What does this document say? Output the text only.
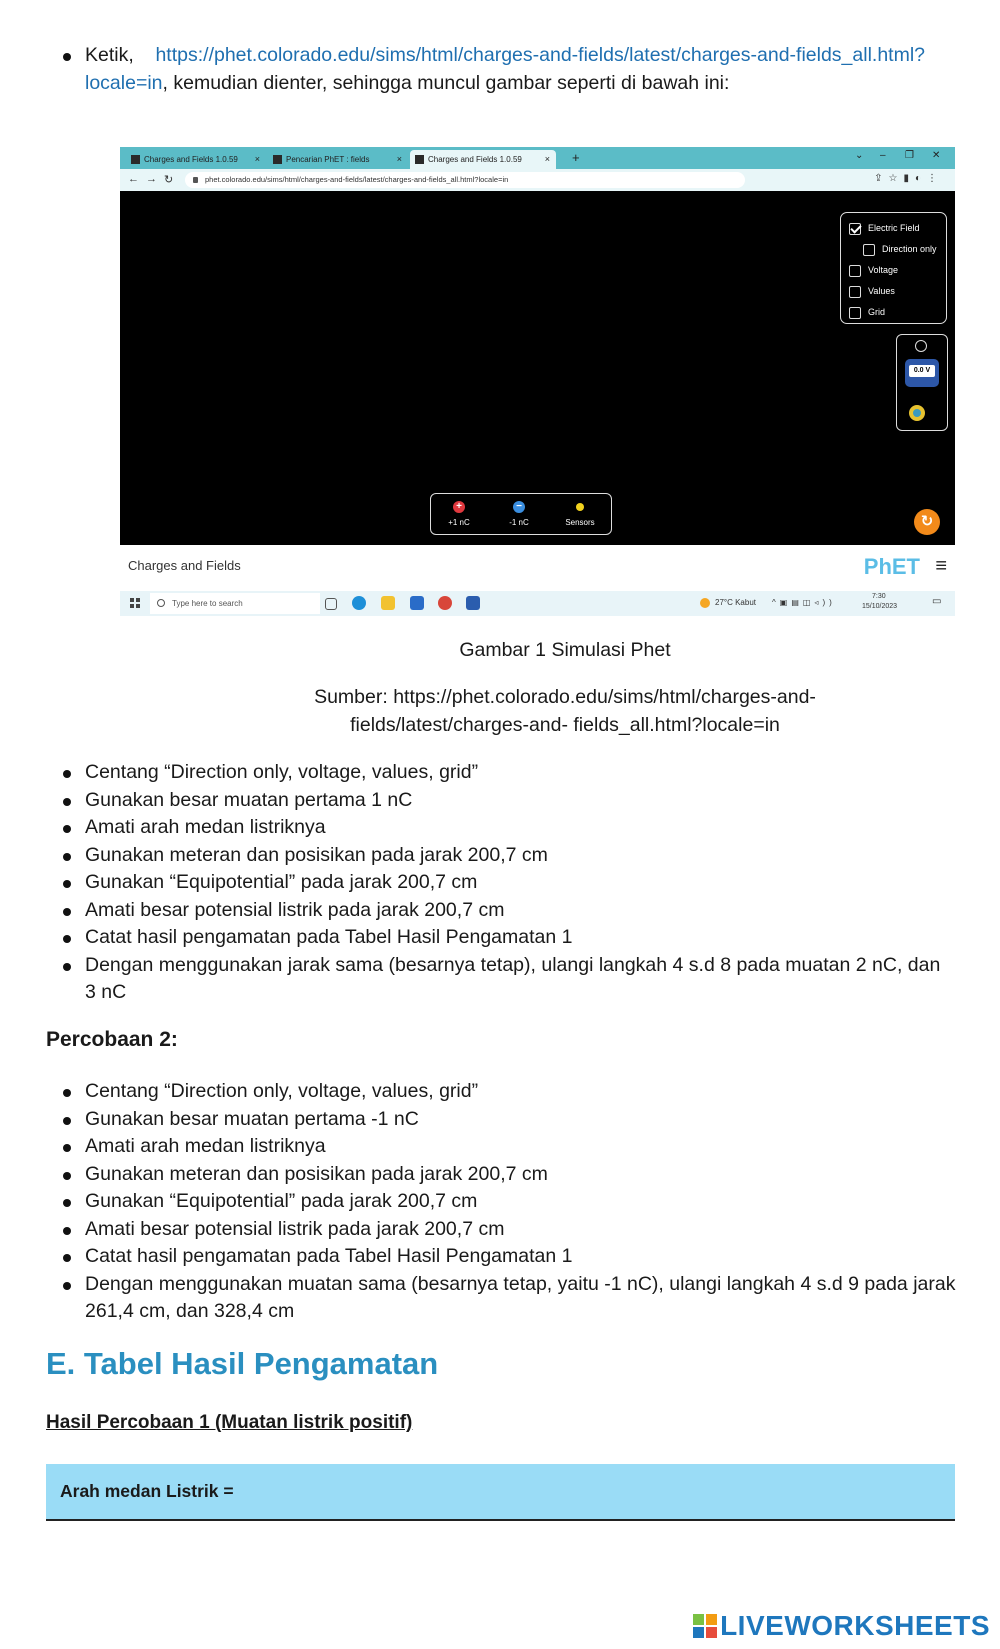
Ketik, https://phet.colorado.edu/sims/html/charges-and-fields/latest/charges-and-fields_all.html?locale=in, kemudian dienter, sehingga muncul gambar seperti di bawah ini:
Charges and Fields 1.0.59 ×	Pencarian PhET : fields	×	Charges and Fields 1.0.59	× +	⌄ – ❐ ✕
← → ↻	phet.colorado.edu/sims/html/charges-and-fields/latest/charges-and-fields_all.html?locale=in	⇪☆▮◐⋮
Electric Field
Direction only
Voltage
Values
Grid
0.0 V
+
+1 nC
−
-1 nC	Sensors	↻
Charges and Fields	PhET ≡
Type here to search	27°C Kabut ^▣▤◫◃))
7:30
15/10/2023	▭
Gambar 1 Simulasi Phet
Sumber: https://phet.colorado.edu/sims/html/charges-and-fields/latest/charges-and- fields_all.html?locale=in
Centang “Direction only, voltage, values, grid”
Gunakan besar muatan pertama 1 nC
Amati arah medan listriknya
Gunakan meteran dan posisikan pada jarak 200,7 cm
Gunakan “Equipotential” pada jarak 200,7 cm
Amati besar potensial listrik pada jarak 200,7 cm
Catat hasil pengamatan pada Tabel Hasil Pengamatan 1
Dengan menggunakan jarak sama (besarnya tetap), ulangi langkah 4 s.d 8 pada muatan 2 nC, dan 3 nC
Percobaan 2:
Centang “Direction only, voltage, values, grid”
Gunakan besar muatan pertama -1 nC
Amati arah medan listriknya
Gunakan meteran dan posisikan pada jarak 200,7 cm
Gunakan “Equipotential” pada jarak 200,7 cm
Amati besar potensial listrik pada jarak 200,7 cm
Catat hasil pengamatan pada Tabel Hasil Pengamatan 1
Dengan menggunakan muatan sama (besarnya tetap, yaitu -1 nC), ulangi langkah 4 s.d 9 pada jarak 261,4 cm, dan 328,4 cm
E. Tabel Hasil Pengamatan
Hasil Percobaan 1 (Muatan listrik positif)
Arah medan Listrik =
LIVEWORKSHEETS
